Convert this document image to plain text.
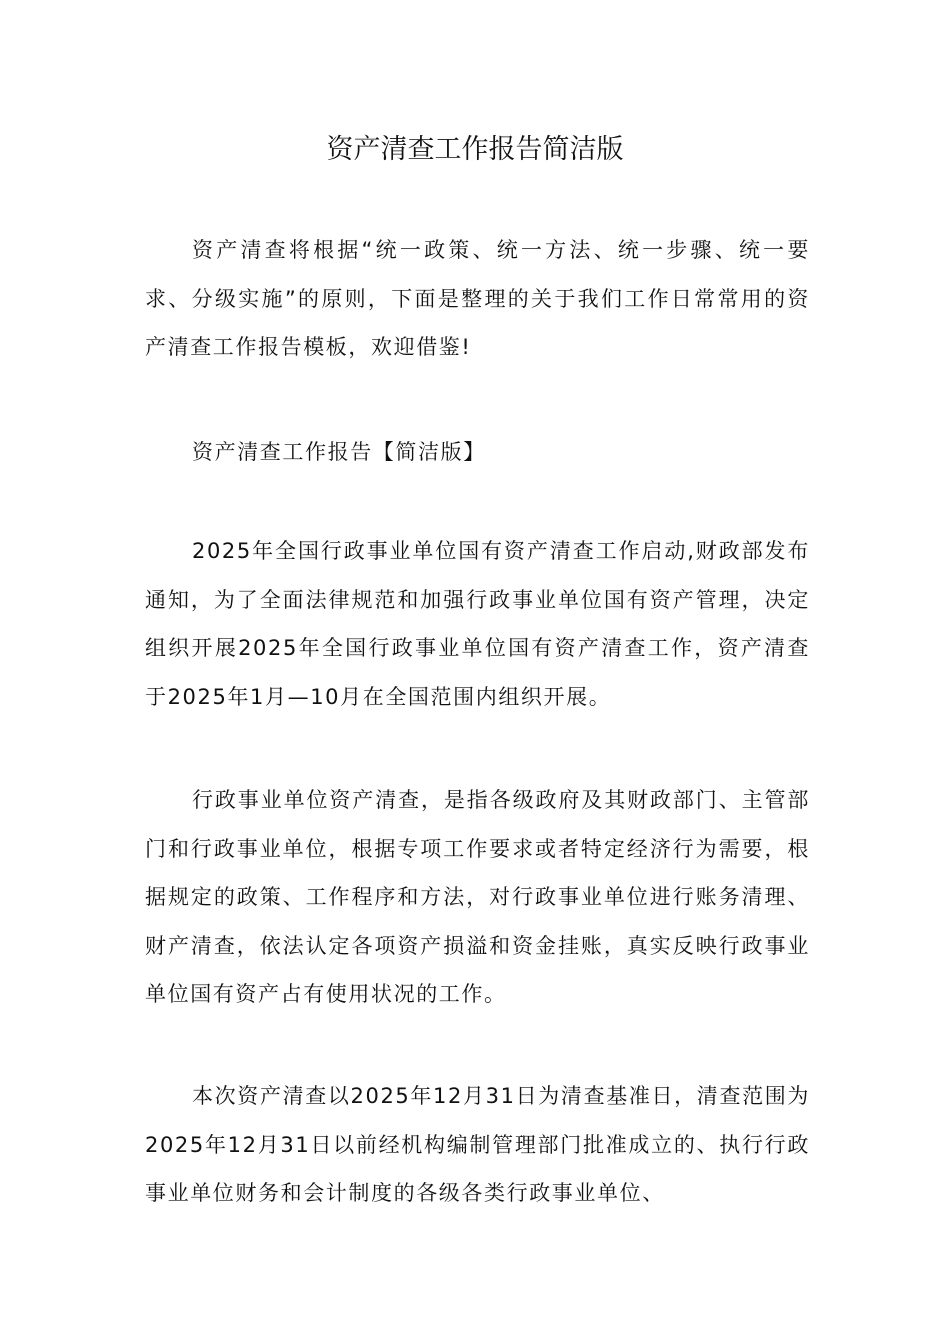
资产清查工作报告简洁版

资产清查将根据“统一政策、统一方法、统一步骤、统一要求、分级实施”的原则，下面是整理的关于我们工作日常常用的资产清查工作报告模板，欢迎借鉴!

资产清查工作报告【简洁版】

2025年全国行政事业单位国有资产清查工作启动,财政部发布通知，为了全面法律规范和加强行政事业单位国有资产管理，决定组织开展2025年全国行政事业单位国有资产清查工作，资产清查于2025年1月—10月在全国范围内组织开展。

行政事业单位资产清查，是指各级政府及其财政部门、主管部门和行政事业单位，根据专项工作要求或者特定经济行为需要，根据规定的政策、工作程序和方法，对行政事业单位进行账务清理、财产清查，依法认定各项资产损溢和资金挂账，真实反映行政事业单位国有资产占有使用状况的工作。

本次资产清查以2025年12月31日为清查基准日，清查范围为2025年12月31日以前经机构编制管理部门批准成立的、执行行政事业单位财务和会计制度的各级各类行政事业单位、
